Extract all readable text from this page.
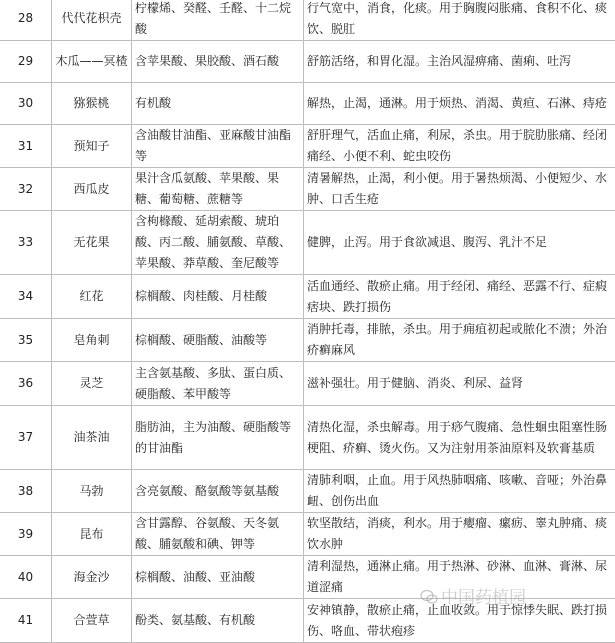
28	代代花枳壳	柠檬烯、癸醛、壬醛、十二烷酸	行气宽中，消食，化痰。用于胸腹闷胀痛、食积不化、痰饮、脱肛
29	木瓜——冥楂	含苹果酸、果胶酸、酒石酸	舒筋活络，和胃化湿。主治风湿痹痛、菌痢、吐泻
30	猕猴桃	有机酸	解热，止渴，通淋。用于烦热、消渴、黄疸、石淋、痔疮
31	预知子	含油酸甘油酯、亚麻酸甘油酯等	舒肝理气，活血止痛，利尿，杀虫。用于脘肋胀痛、经闭痛经、小便不利、蛇虫咬伤
32	西瓜皮	果汁含瓜氨酸、苹果酸、果糖、葡萄糖、蔗糖等	清暑解热，止渴，利小便。用于暑热烦渴、小便短少、水肿、口舌生疮
33	无花果	含枸橼酸、延胡索酸、琥珀酸、丙二酸、脯氨酸、草酸、苹果酸、莽草酸、奎尼酸等	健脾，止泻。用于食欲减退、腹泻、乳汁不足
34	红花	棕榈酸、肉桂酸、月桂酸	活血通经、散瘀止痛。用于经闭、痛经、恶露不行、症瘕痞块、跌打损伤
35	皂角刺	棕榈酸、硬脂酸、油酸等	消肿托毒，排脓，杀虫。用于痈疽初起或脓化不溃；外治疥癣麻风
36	灵芝	主含氨基酸、多肽、蛋白质、硬脂酸、苯甲酸等	滋补强壮。用于健脑、消炎、利尿、益肾
37	油茶油	脂肪油，主为油酸、硬脂酸等的甘油酯	清热化湿，杀虫解毒。用于痧气腹痛、急性蛔虫阻塞性肠梗阻、疥癣、烫火伤。又为注射用茶油原料及软膏基质
38	马勃	含亮氨酸、酪氨酸等氨基酸	清肺利咽，止血。用于风热肺咽痛、咳嗽、音哑；外治鼻衄、创伤出血
39	昆布	含甘露醇、谷氨酸、天冬氨酸、脯氨酸和碘、钾等	软坚散结，消痰，利水。用于瘿瘤、瘰疬、睾丸肿痛、痰饮水肿
40	海金沙	棕榈酸、油酸、亚油酸	清利湿热，通淋止痛。用于热淋、砂淋、血淋、膏淋、尿道涩痛
41	合萱草	酚类、氨基酸、有机酸	安神镇静，散瘀止痛，止血收敛。用于惊悸失眠、跌打损伤、咯血、带状疱疹
中国药植园
